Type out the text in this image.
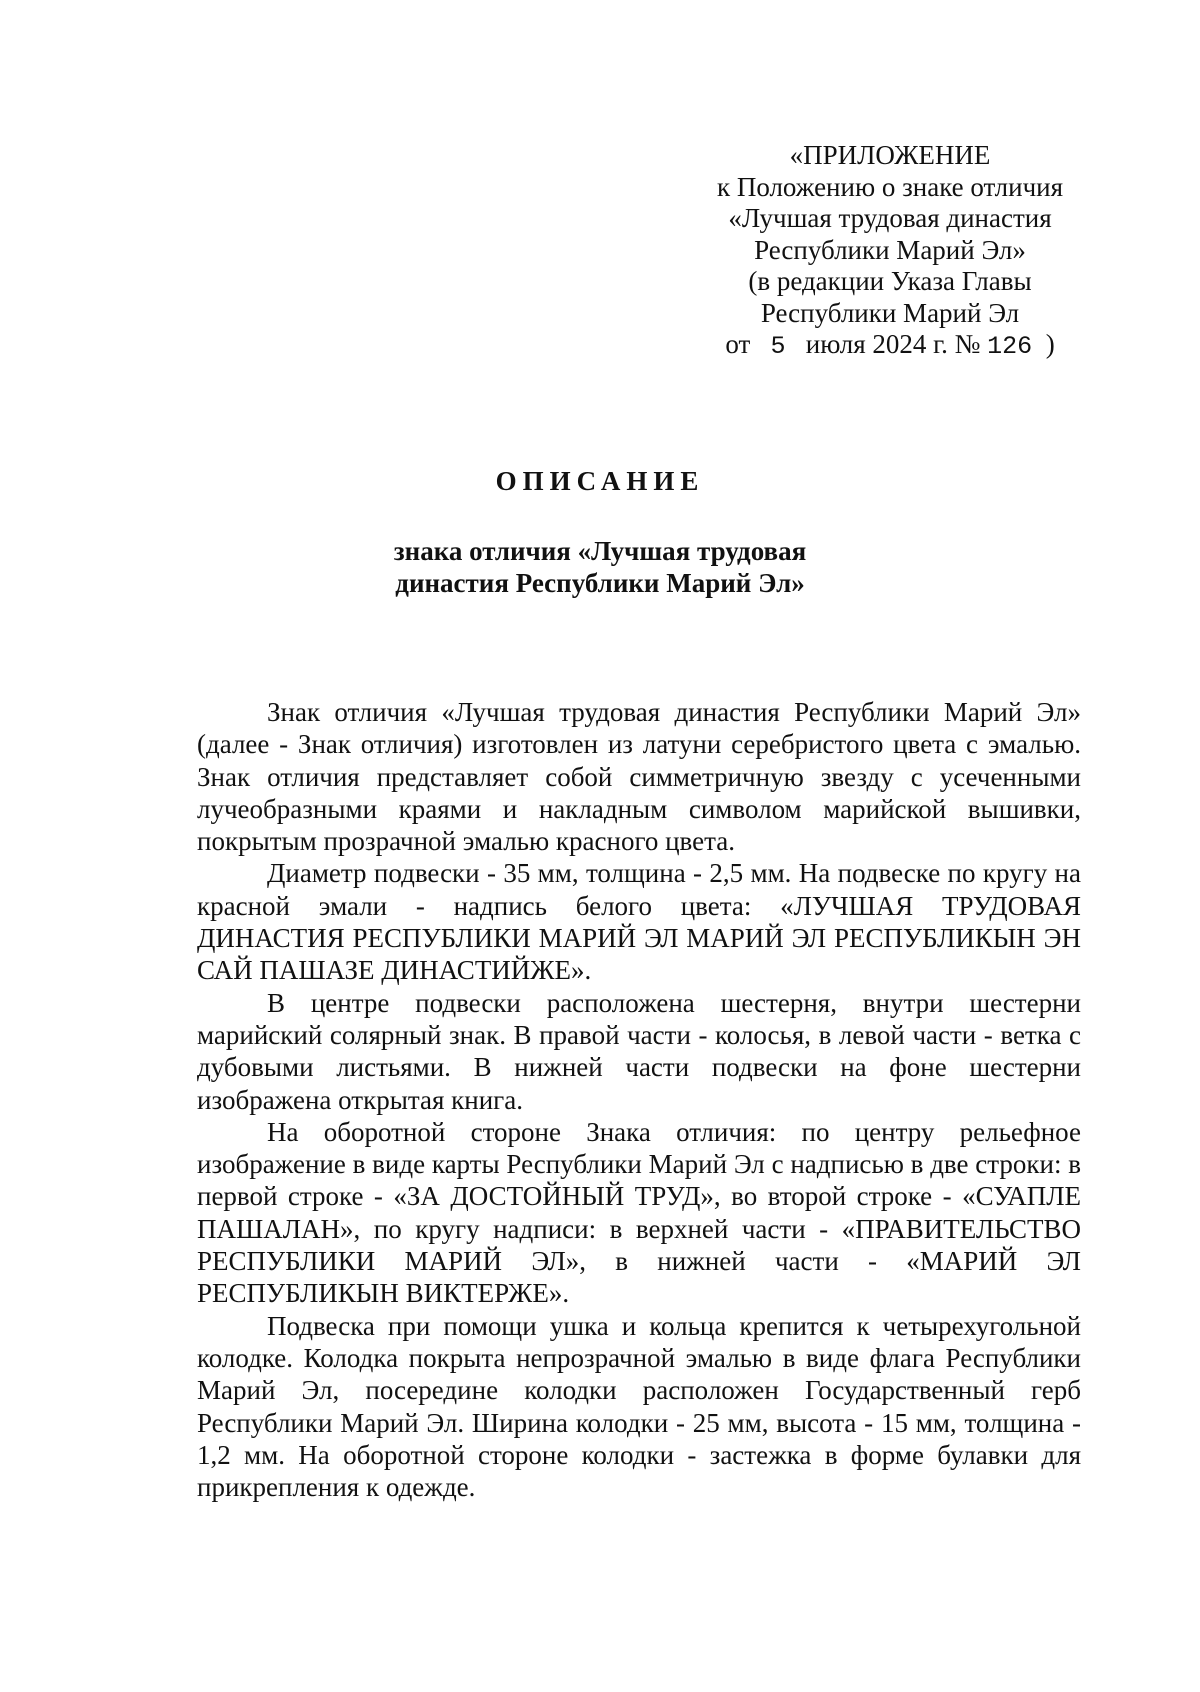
«ПРИЛОЖЕНИЕ
к Положению о знаке отличия
«Лучшая трудовая династия
Республики Марий Эл»
(в редакции Указа Главы
Республики Марий Эл
от 5 июля 2024 г. № 126 )
ОПИСАНИЕ
знака отличия «Лучшая трудовая
династия Республики Марий Эл»

Знак отличия «Лучшая трудовая династия Республики Марий Эл» (далее - Знак отличия) изготовлен из латуни серебристого цвета с эмалью. Знак отличия представляет собой симметричную звезду с усеченными лучеобразными краями и накладным символом марийской вышивки, покрытым прозрачной эмалью красного цвета.

Диаметр подвески - 35 мм, толщина - 2,5 мм. На подвеске по кругу на красной эмали - надпись белого цвета: «ЛУЧШАЯ ТРУДОВАЯ ДИНАСТИЯ РЕСПУБЛИКИ МАРИЙ ЭЛ МАРИЙ ЭЛ РЕСПУБЛИКЫН ЭН САЙ ПАШАЗЕ ДИНАСТИЙЖЕ».

В центре подвески расположена шестерня, внутри шестерни марийский солярный знак. В правой части - колосья, в левой части - ветка с дубовыми листьями. В нижней части подвески на фоне шестерни изображена открытая книга.

На оборотной стороне Знака отличия: по центру рельефное изображение в виде карты Республики Марий Эл с надписью в две строки: в первой строке - «ЗА ДОСТОЙНЫЙ ТРУД», во второй строке - «СУАПЛЕ ПАШАЛАН», по кругу надписи: в верхней части - «ПРАВИТЕЛЬСТВО РЕСПУБЛИКИ МАРИЙ ЭЛ», в нижней части - «МАРИЙ ЭЛ РЕСПУБЛИКЫН ВИКТЕРЖЕ».

Подвеска при помощи ушка и кольца крепится к четырехугольной колодке. Колодка покрыта непрозрачной эмалью в виде флага Республики Марий Эл, посередине колодки расположен Государственный герб Республики Марий Эл. Ширина колодки - 25 мм, высота - 15 мм, толщина - 1,2 мм. На оборотной стороне колодки - застежка в форме булавки для прикрепления к одежде.
